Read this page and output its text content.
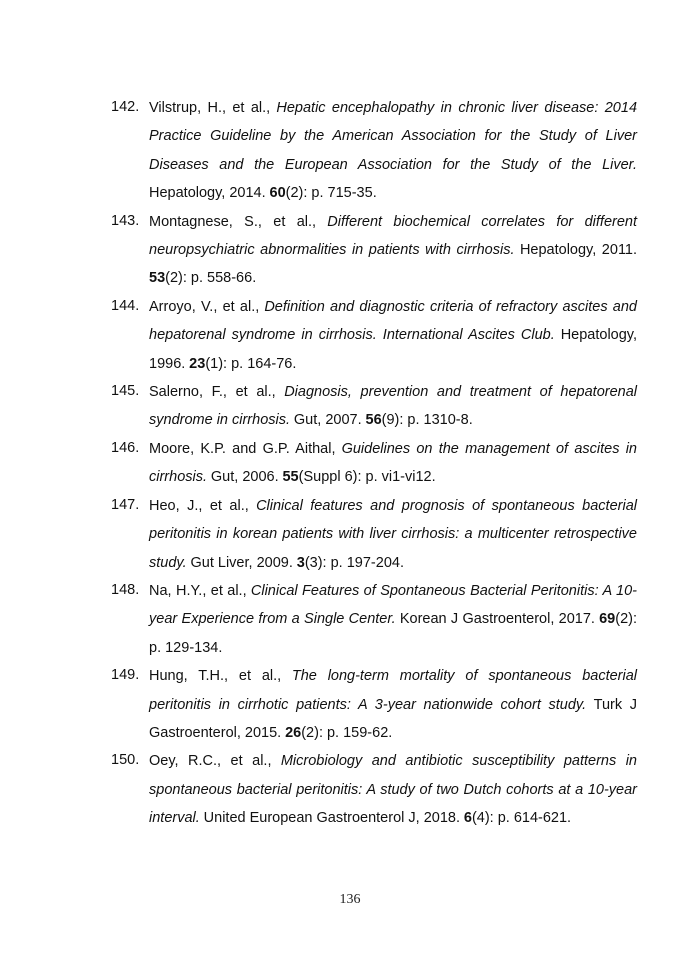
142. Vilstrup, H., et al., Hepatic encephalopathy in chronic liver disease: 2014 Practice Guideline by the American Association for the Study of Liver Diseases and the European Association for the Study of the Liver. Hepatology, 2014. 60(2): p. 715-35.
143. Montagnese, S., et al., Different biochemical correlates for different neuropsychiatric abnormalities in patients with cirrhosis. Hepatology, 2011. 53(2): p. 558-66.
144. Arroyo, V., et al., Definition and diagnostic criteria of refractory ascites and hepatorenal syndrome in cirrhosis. International Ascites Club. Hepatology, 1996. 23(1): p. 164-76.
145. Salerno, F., et al., Diagnosis, prevention and treatment of hepatorenal syndrome in cirrhosis. Gut, 2007. 56(9): p. 1310-8.
146. Moore, K.P. and G.P. Aithal, Guidelines on the management of ascites in cirrhosis. Gut, 2006. 55(Suppl 6): p. vi1-vi12.
147. Heo, J., et al., Clinical features and prognosis of spontaneous bacterial peritonitis in korean patients with liver cirrhosis: a multicenter retrospective study. Gut Liver, 2009. 3(3): p. 197-204.
148. Na, H.Y., et al., Clinical Features of Spontaneous Bacterial Peritonitis: A 10-year Experience from a Single Center. Korean J Gastroenterol, 2017. 69(2): p. 129-134.
149. Hung, T.H., et al., The long-term mortality of spontaneous bacterial peritonitis in cirrhotic patients: A 3-year nationwide cohort study. Turk J Gastroenterol, 2015. 26(2): p. 159-62.
150. Oey, R.C., et al., Microbiology and antibiotic susceptibility patterns in spontaneous bacterial peritonitis: A study of two Dutch cohorts at a 10-year interval. United European Gastroenterol J, 2018. 6(4): p. 614-621.
136
